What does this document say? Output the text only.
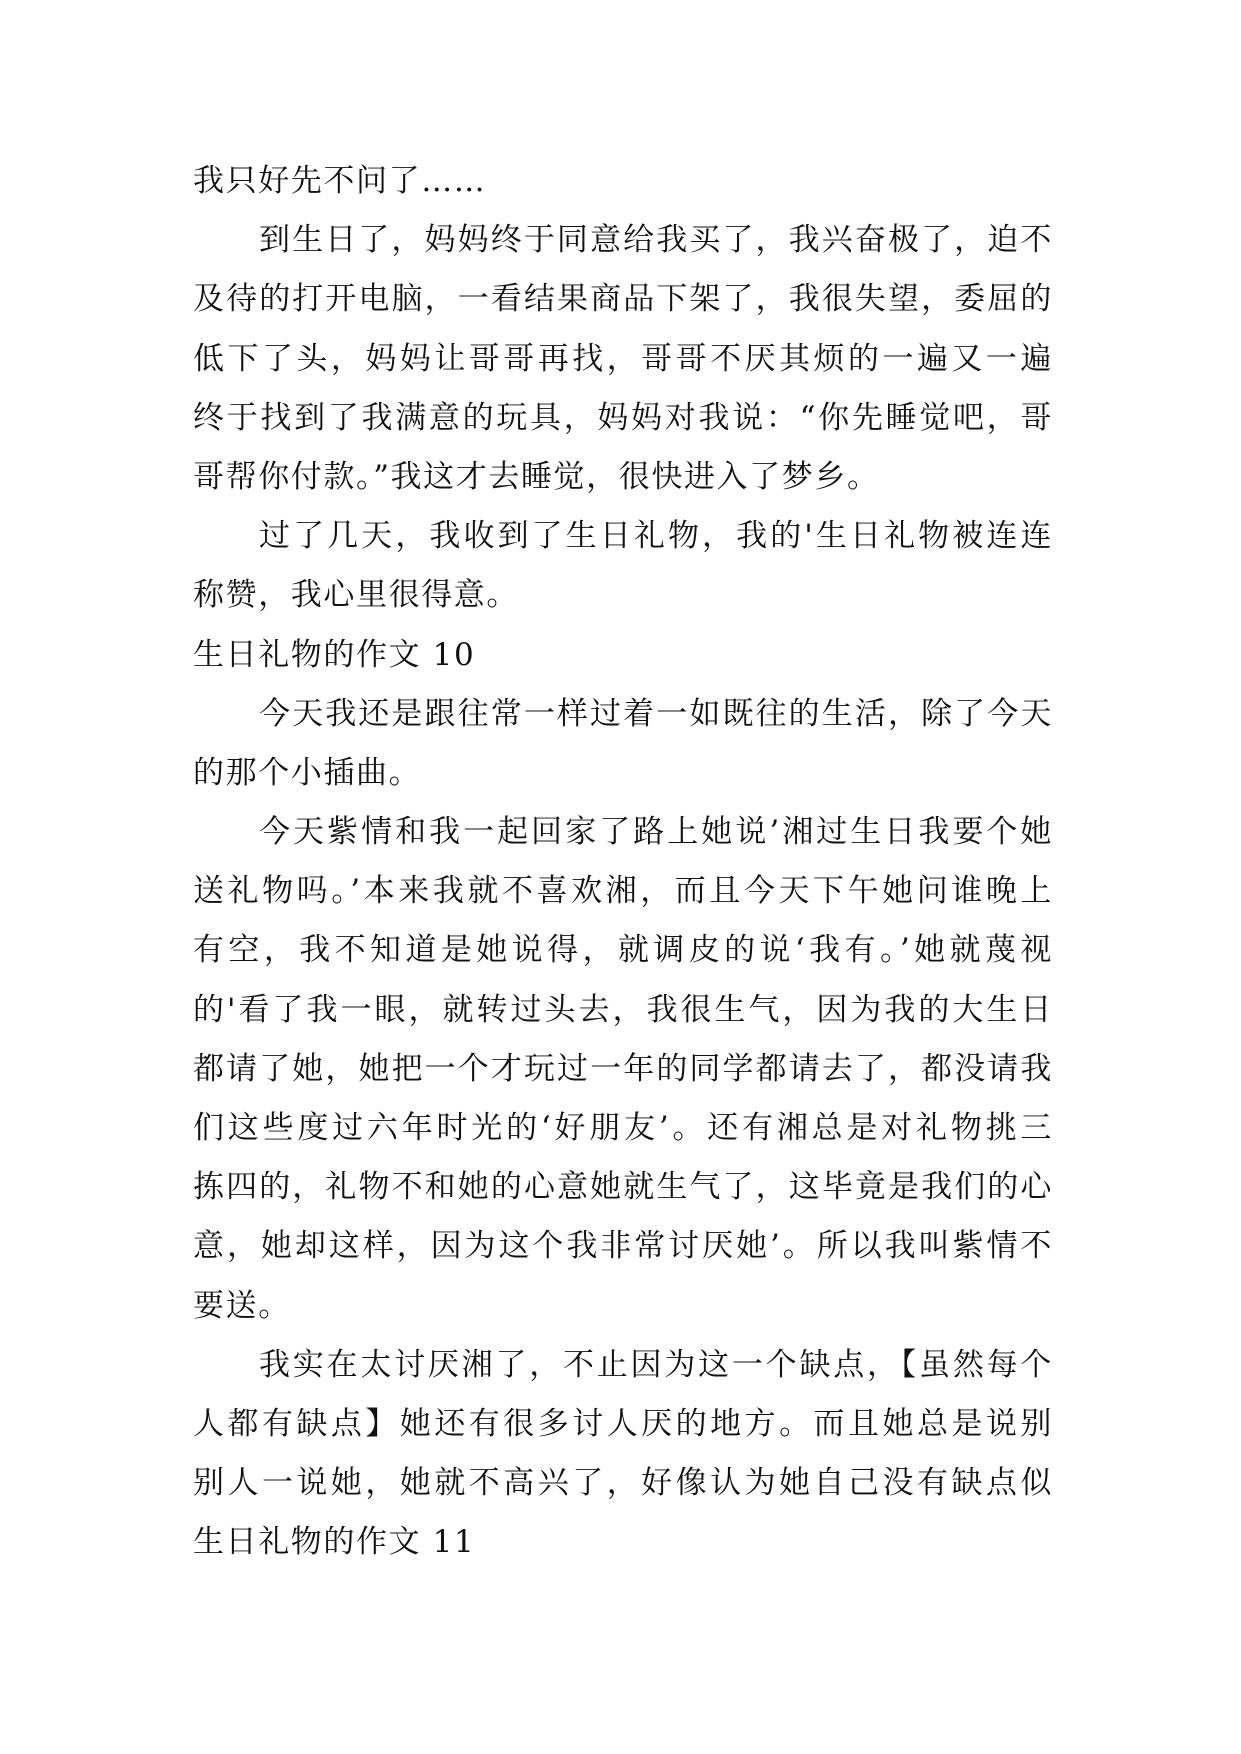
我只好先不问了……
到生日了，妈妈终于同意给我买了，我兴奋极了，迫不
及待的打开电脑，一看结果商品下架了，我很失望，委屈的
低下了头，妈妈让哥哥再找，哥哥不厌其烦的一遍又一遍
终于找到了我满意的玩具，妈妈对我说：“你先睡觉吧，哥
哥帮你付款。”我这才去睡觉，很快进入了梦乡。
过了几天，我收到了生日礼物，我的'生日礼物被连连
称赞，我心里很得意。
生日礼物的作文 10
今天我还是跟往常一样过着一如既往的生活，除了今天
的那个小插曲。
今天紫情和我一起回家了路上她说’湘过生日我要个她
送礼物吗。’本来我就不喜欢湘，而且今天下午她问谁晚上
有空，我不知道是她说得，就调皮的说‘我有。’她就蔑视
的'看了我一眼，就转过头去，我很生气，因为我的大生日
都请了她，她把一个才玩过一年的同学都请去了，都没请我
们这些度过六年时光的‘好朋友’。还有湘总是对礼物挑三
拣四的，礼物不和她的心意她就生气了，这毕竟是我们的心
意，她却这样，因为这个我非常讨厌她’。所以我叫紫情不
要送。
我实在太讨厌湘了，不止因为这一个缺点，【虽然每个
人都有缺点】她还有很多讨人厌的地方。而且她总是说别
别人一说她，她就不高兴了，好像认为她自己没有缺点似
生日礼物的作文 11
